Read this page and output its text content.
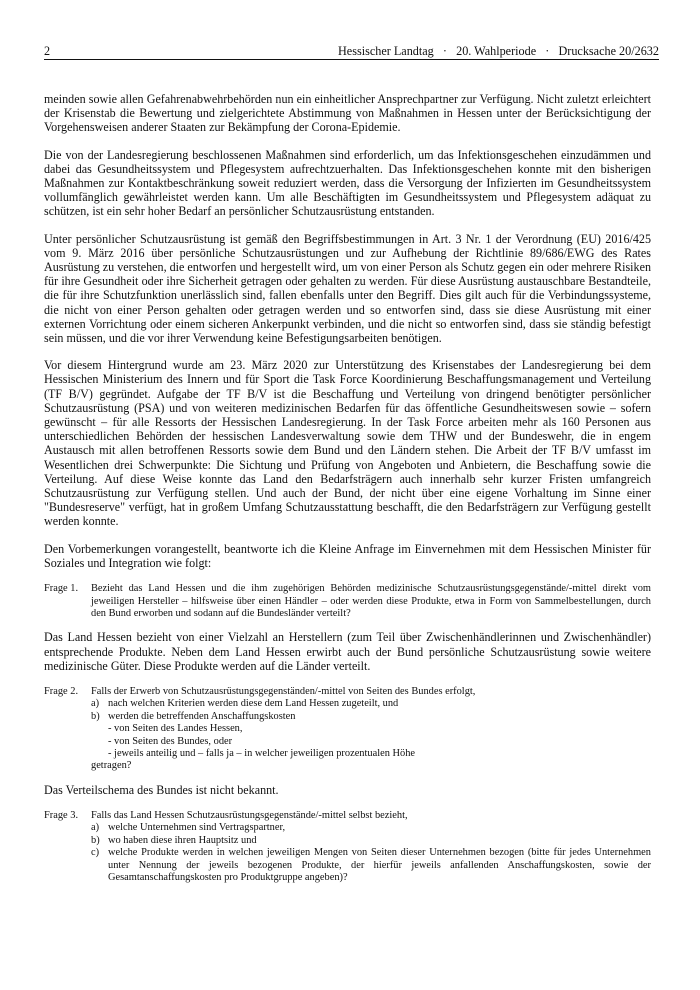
2	Hessischer Landtag   ·   20. Wahlperiode   ·   Drucksache 20/2632

meinden sowie allen Gefahrenabwehrbehörden nun ein einheitlicher Ansprechpartner zur Verfügung. Nicht zuletzt erleichtert der Krisenstab die Bewertung und zielgerichtete Abstimmung von Maßnahmen in Hessen unter der Berücksichtigung der Vorgehensweisen anderer Staaten zur Bekämpfung der Corona-Epidemie.

Die von der Landesregierung beschlossenen Maßnahmen sind erforderlich, um das Infektionsgeschehen einzudämmen und dabei das Gesundheitssystem und Pflegesystem aufrechtzuerhalten. Das Infektionsgeschehen konnte mit den bisherigen Maßnahmen zur Kontaktbeschränkung soweit reduziert werden, dass die Versorgung der Infizierten im Gesundheitssystem vollumfänglich gewährleistet werden kann. Um alle Beschäftigten im Gesundheitssystem und Pflegesystem adäquat zu schützen, ist ein sehr hoher Bedarf an persönlicher Schutzausrüstung entstanden.

Unter persönlicher Schutzausrüstung ist gemäß den Begriffsbestimmungen in Art. 3 Nr. 1 der Verordnung (EU) 2016/425 vom 9. März 2016 über persönliche Schutzausrüstungen und zur Aufhebung der Richtlinie 89/686/EWG des Rates Ausrüstung zu verstehen, die entworfen und hergestellt wird, um von einer Person als Schutz gegen ein oder mehrere Risiken für ihre Gesundheit oder ihre Sicherheit getragen oder gehalten zu werden. Für diese Ausrüstung austauschbare Bestandteile, die für ihre Schutzfunktion unerlässlich sind, fallen ebenfalls unter den Begriff. Dies gilt auch für die Verbindungssysteme, die nicht von einer Person gehalten oder getragen werden und so entworfen sind, dass sie diese Ausrüstung mit einer externen Vorrichtung oder einem sicheren Ankerpunkt verbinden, und die nicht so entworfen sind, dass sie ständig befestigt sein müssen, und die vor ihrer Verwendung keine Befestigungsarbeiten benötigen.

Vor diesem Hintergrund wurde am 23. März 2020 zur Unterstützung des Krisenstabes der Landesregierung bei dem Hessischen Ministerium des Innern und für Sport die Task Force Koordinierung Beschaffungsmanagement und Verteilung (TF B/V) gegründet. Aufgabe der TF B/V ist die Beschaffung und Verteilung von dringend benötigter persönlicher Schutzausrüstung (PSA) und von weiteren medizinischen Bedarfen für das öffentliche Gesundheitswesen sowie – sofern gewünscht – für alle Ressorts der Hessischen Landesregierung. In der Task Force arbeiten mehr als 160 Personen aus unterschiedlichen Behörden der hessischen Landesverwaltung sowie dem THW und der Bundeswehr, die in engem Austausch mit allen betroffenen Ressorts sowie dem Bund und den Ländern stehen. Die Arbeit der TF B/V umfasst im Wesentlichen drei Schwerpunkte: Die Sichtung und Prüfung von Angeboten und Anbietern, die Beschaffung sowie die Verteilung. Auf diese Weise konnte das Land den Bedarfsträgern auch innerhalb sehr kurzer Fristen umfangreich Schutzausrüstung zur Verfügung stellen. Und auch der Bund, der nicht über eine eigene Vorhaltung im Sinne einer "Bundesreserve" verfügt, hat in großem Umfang Schutzausstattung beschafft, die den Bedarfsträgern zur Verfügung gestellt werden konnte.

Den Vorbemerkungen vorangestellt, beantworte ich die Kleine Anfrage im Einvernehmen mit dem Hessischen Minister für Soziales und Integration wie folgt:

Frage 1.	Bezieht das Land Hessen und die ihm zugehörigen Behörden medizinische Schutzausrüstungsgegenstände/-mittel direkt vom jeweiligen Hersteller – hilfsweise über einen Händler – oder werden diese Produkte, etwa in Form von Sammelbestellungen, durch den Bund erworben und sodann auf die Bundesländer verteilt?

Das Land Hessen bezieht von einer Vielzahl an Herstellern (zum Teil über Zwischenhändlerinnen und Zwischenhändler) entsprechende Produkte. Neben dem Land Hessen erwirbt auch der Bund persönliche Schutzausrüstung sowie weitere medizinische Güter. Diese Produkte werden auf die Länder verteilt.

Frage 2.	Falls der Erwerb von Schutzausrüstungsgegenständen/-mittel von Seiten des Bundes erfolgt,

a) nach welchen Kriterien werden diese dem Land Hessen zugeteilt, und
b) werden die betreffenden Anschaffungskosten
- von Seiten des Landes Hessen,
- von Seiten des Bundes, oder
- jeweils anteilig und – falls ja – in welcher jeweiligen prozentualen Höhe
getragen?

Das Verteilschema des Bundes ist nicht bekannt.

Frage 3.	Falls das Land Hessen Schutzausrüstungsgegenstände/-mittel selbst bezieht,

a) welche Unternehmen sind Vertragspartner,
b) wo haben diese ihren Hauptsitz und
c) welche Produkte werden in welchen jeweiligen Mengen von Seiten dieser Unternehmen bezogen (bitte für jedes Unternehmen unter Nennung der jeweils bezogenen Produkte, der hierfür jeweils anfallenden Anschaffungskosten, sowie der Gesamtanschaffungskosten pro Produktgruppe angeben)?
